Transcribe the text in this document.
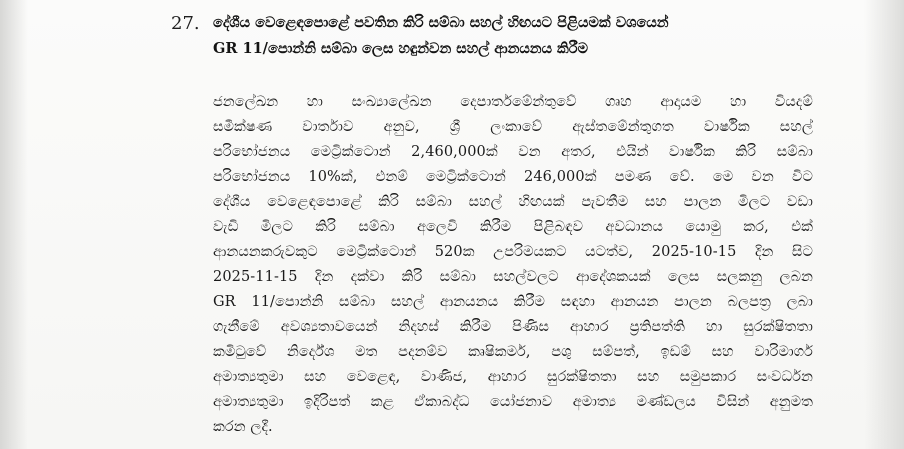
27. දේශීය වෙළෙඳපොළේ පවතින කිරි සම්බා සහල් හිඟයට පිළියමක් වශයෙන්
GR 11/පොන්නි සම්බා ලෙස හඳුන්වන සහල් ආනයනය කිරීම
ජනලේඛන හා සංඛ්‍යාලේඛන දෙපාර්තමේන්තුවේ ගෘහ ආදායම හා වියදම්
සමීක්ෂණ වාර්තාව අනුව, ශ්‍රී ලංකාවේ ඇස්තමේන්තුගත වාර්ෂික සහල්
පරිභෝජනය මෙට්‍රික්ටොන් 2,460,000ක් වන අතර, එයින් වාර්ෂික කිරි සම්බා
පරිභෝජනය 10%ක්, එනම් මෙට්‍රික්ටොන් 246,000ක් පමණ වේ. මෙ වන විට
දේශීය වෙළෙඳපොළේ කිරි සම්බා සහල් හිඟයක් පැවතීම සහ පාලන මිලට වඩා
වැඩි මිලට කිරි සම්බා අලෙවි කිරීම පිළිබඳව අවධානය යොමු කර, එක්
ආනයනකරුවකුට මෙට්‍රික්ටොන් 520ක උපරිමයකට යටත්ව, 2025-10-15 දින සිට
2025-11-15 දින දක්වා කිරි සම්බා සහල්වලට ආදේශකයක් ලෙස සලකනු ලබන
GR 11/පොන්නි සම්බා සහල් ආනයනය කිරීම සඳහා ආනයන පාලන බලපත්‍ර ලබා
ගැනීමේ අවශ්‍යතාවයෙන් නිදහස් කිරීම පිණිස ආහාර ප්‍රතිපත්ති හා සුරක්ෂිතතා
කමිටුවේ නිර්දේශ මත පදනම්ව කෘෂිකර්ම, පශු සම්පත්, ඉඩම් සහ වාරිමාර්ග
අමාත්‍යතුමා සහ වෙළෙඳ, වාණිජ, ආහාර සුරක්ෂිතතා සහ සමුපකාර සංවර්ධන
අමාත්‍යතුමා ඉදිරිපත් කළ ඒකාබද්ධ යෝජනාව අමාත්‍ය මණ්ඩලය විසින් අනුමත
කරන ලදී.
